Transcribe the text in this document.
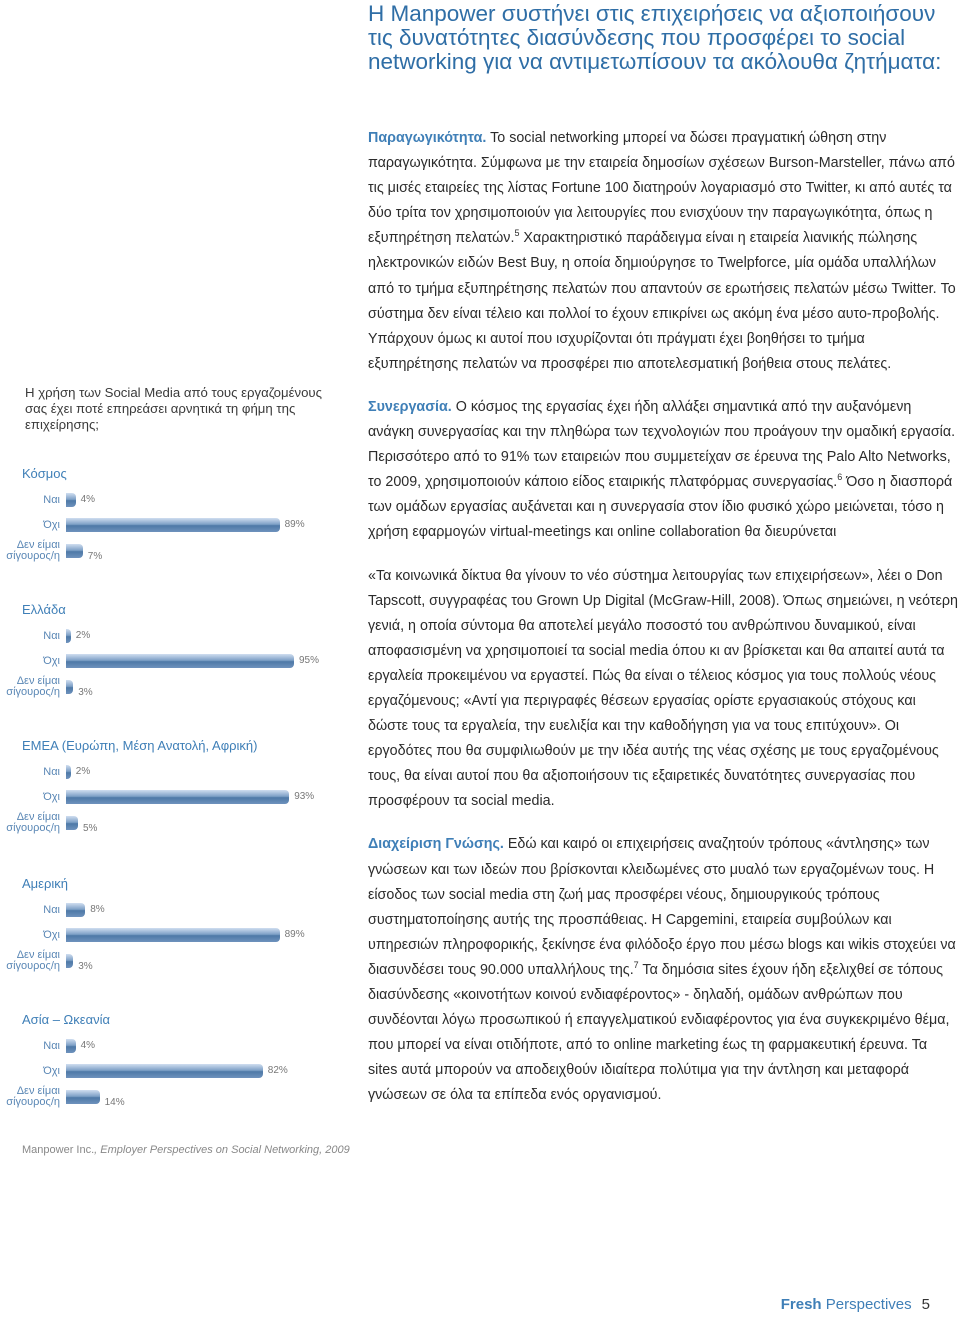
Η Manpower συστήνει στις επιχειρήσεις να αξιοποιήσουν τις δυνατότητες διασύνδεσης που προσφέρει το social networking για να αντιμετωπίσουν τα ακόλουθα ζητήματα:
Η χρήση των Social Media από τους εργαζομένους σας έχει ποτέ επηρεάσει αρνητικά τη φήμη της επιχείρησης;
Κόσμος
Ναι 4%
Όχι	89%
Δεν είμαι
σίγουρος/η	7%
Ελλάδα
Ναι 2%
Όχι	95%
Δεν είμαι
σίγουρος/η 3%
ΕΜΕΑ (Ευρώπη, Μέση Ανατολή, Αφρική)
Ναι 2%
Όχι	93%
Δεν είμαι
σίγουρος/η 5%
Αμερική
Ναι	8%
Όχι	89%
Δεν είμαι
σίγουρος/η 3%
Ασία – Ωκεανία
Ναι 4%
Όχι	82%
Δεν είμαι
σίγουρος/η	14%
Manpower Inc., Employer Perspectives on Social Networking, 2009

Παραγωγικότητα. Το social networking μπορεί να δώσει πραγματική ώθηση στην παραγωγικότητα. Σύμφωνα με την εταιρεία δημοσίων σχέσεων Burson-Marsteller, πάνω από τις μισές εταιρείες της λίστας Fortune 100 διατηρούν λογαριασμό στο Twitter, κι από αυτές τα δύο τρίτα τον χρησιμοποιούν για λειτουργίες που ενισχύουν την παραγωγικότητα, όπως η εξυπηρέτηση πελατών.$^5$ Χαρακτηριστικό παράδειγμα είναι η εταιρεία λιανικής πώλησης ηλεκτρονικών ειδών Best Buy, η οποία δημιούργησε το Twelpforce, μία ομάδα υπαλλήλων από το τμήμα εξυπηρέτησης πελατών που απαντούν σε ερωτήσεις πελατών μέσω Twitter. Το σύστημα δεν είναι τέλειο και πολλοί το έχουν επικρίνει ως ακόμη ένα μέσο αυτο-προβολής. Υπάρχουν όμως κι αυτοί που ισχυρίζονται ότι πράγματι έχει βοηθήσει το τμήμα εξυπηρέτησης πελατών να προσφέρει πιο αποτελεσματική βοήθεια στους πελάτες.

Συνεργασία. Ο κόσμος της εργασίας έχει ήδη αλλάξει σημαντικά από την αυξανόμενη ανάγκη συνεργασίας και την πληθώρα των τεχνολογιών που προάγουν την ομαδική εργασία. Περισσότερο από το 91% των εταιρειών που συμμετείχαν σε έρευνα της Palo Alto Networks, το 2009, χρησιμοποιούν κάποιο είδος εταιρικής πλατφόρμας συνεργασίας.$^6$ Όσο η διασπορά των ομάδων εργασίας αυξάνεται και η συνεργασία στον ίδιο φυσικό χώρο μειώνεται, τόσο η χρήση εφαρμογών virtual-meetings και online collaboration θα διευρύνεται

«Τα κοινωνικά δίκτυα θα γίνουν το νέο σύστημα λειτουργίας των επιχειρήσεων», λέει ο Don Tapscott, συγγραφέας του Grown Up Digital (McGraw-Hill, 2008). Όπως σημειώνει, η νεότερη γενιά, η οποία σύντομα θα αποτελεί μεγάλο ποσοστό του ανθρώπινου δυναμικού, είναι αποφασισμένη να χρησιμοποιεί τα social media όπου κι αν βρίσκεται και θα απαιτεί αυτά τα εργαλεία προκειμένου να εργαστεί. Πώς θα είναι ο τέλειος κόσμος για τους πολλούς νέους εργαζόμενους; «Αντί για περιγραφές θέσεων εργασίας ορίστε εργασιακούς στόχους και δώστε τους τα εργαλεία, την ευελιξία και την καθοδήγηση για να τους επιτύχουν». Οι εργοδότες που θα συμφιλιωθούν με την ιδέα αυτής της νέας σχέσης με τους εργαζομένους τους, θα είναι αυτοί που θα αξιοποιήσουν τις εξαιρετικές δυνατότητες συνεργασίας που προσφέρουν τα social media.

Διαχείριση Γνώσης. Εδώ και καιρό οι επιχειρήσεις αναζητούν τρόπους «άντλησης» των γνώσεων και των ιδεών που βρίσκονται κλειδωμένες στο μυαλό των εργαζομένων τους. Η είσοδος των social media στη ζωή μας προσφέρει νέους, δημιουργικούς τρόπους συστηματοποίησης αυτής της προσπάθειας. Η Capgemini, εταιρεία συμβούλων και υπηρεσιών πληροφορικής, ξεκίνησε ένα φιλόδοξο έργο που μέσω blogs και wikis στοχεύει να διασυνδέσει τους 90.000 υπαλλήλους της.$^7$ Τα δημόσια sites έχουν ήδη εξελιχθεί σε τόπους διασύνδεσης «κοινοτήτων κοινού ενδιαφέροντος» - δηλαδή, ομάδων ανθρώπων που συνδέονται λόγω προσωπικού ή επαγγελματικού ενδιαφέροντος για ένα συγκεκριμένο θέμα, που μπορεί να είναι οτιδήποτε, από το online marketing έως τη φαρμακευτική έρευνα. Τα sites αυτά μπορούν να αποδειχθούν ιδιαίτερα πολύτιμα για την άντληση και μεταφορά γνώσεων σε όλα τα επίπεδα ενός οργανισμού.

Fresh Perspectives 5
